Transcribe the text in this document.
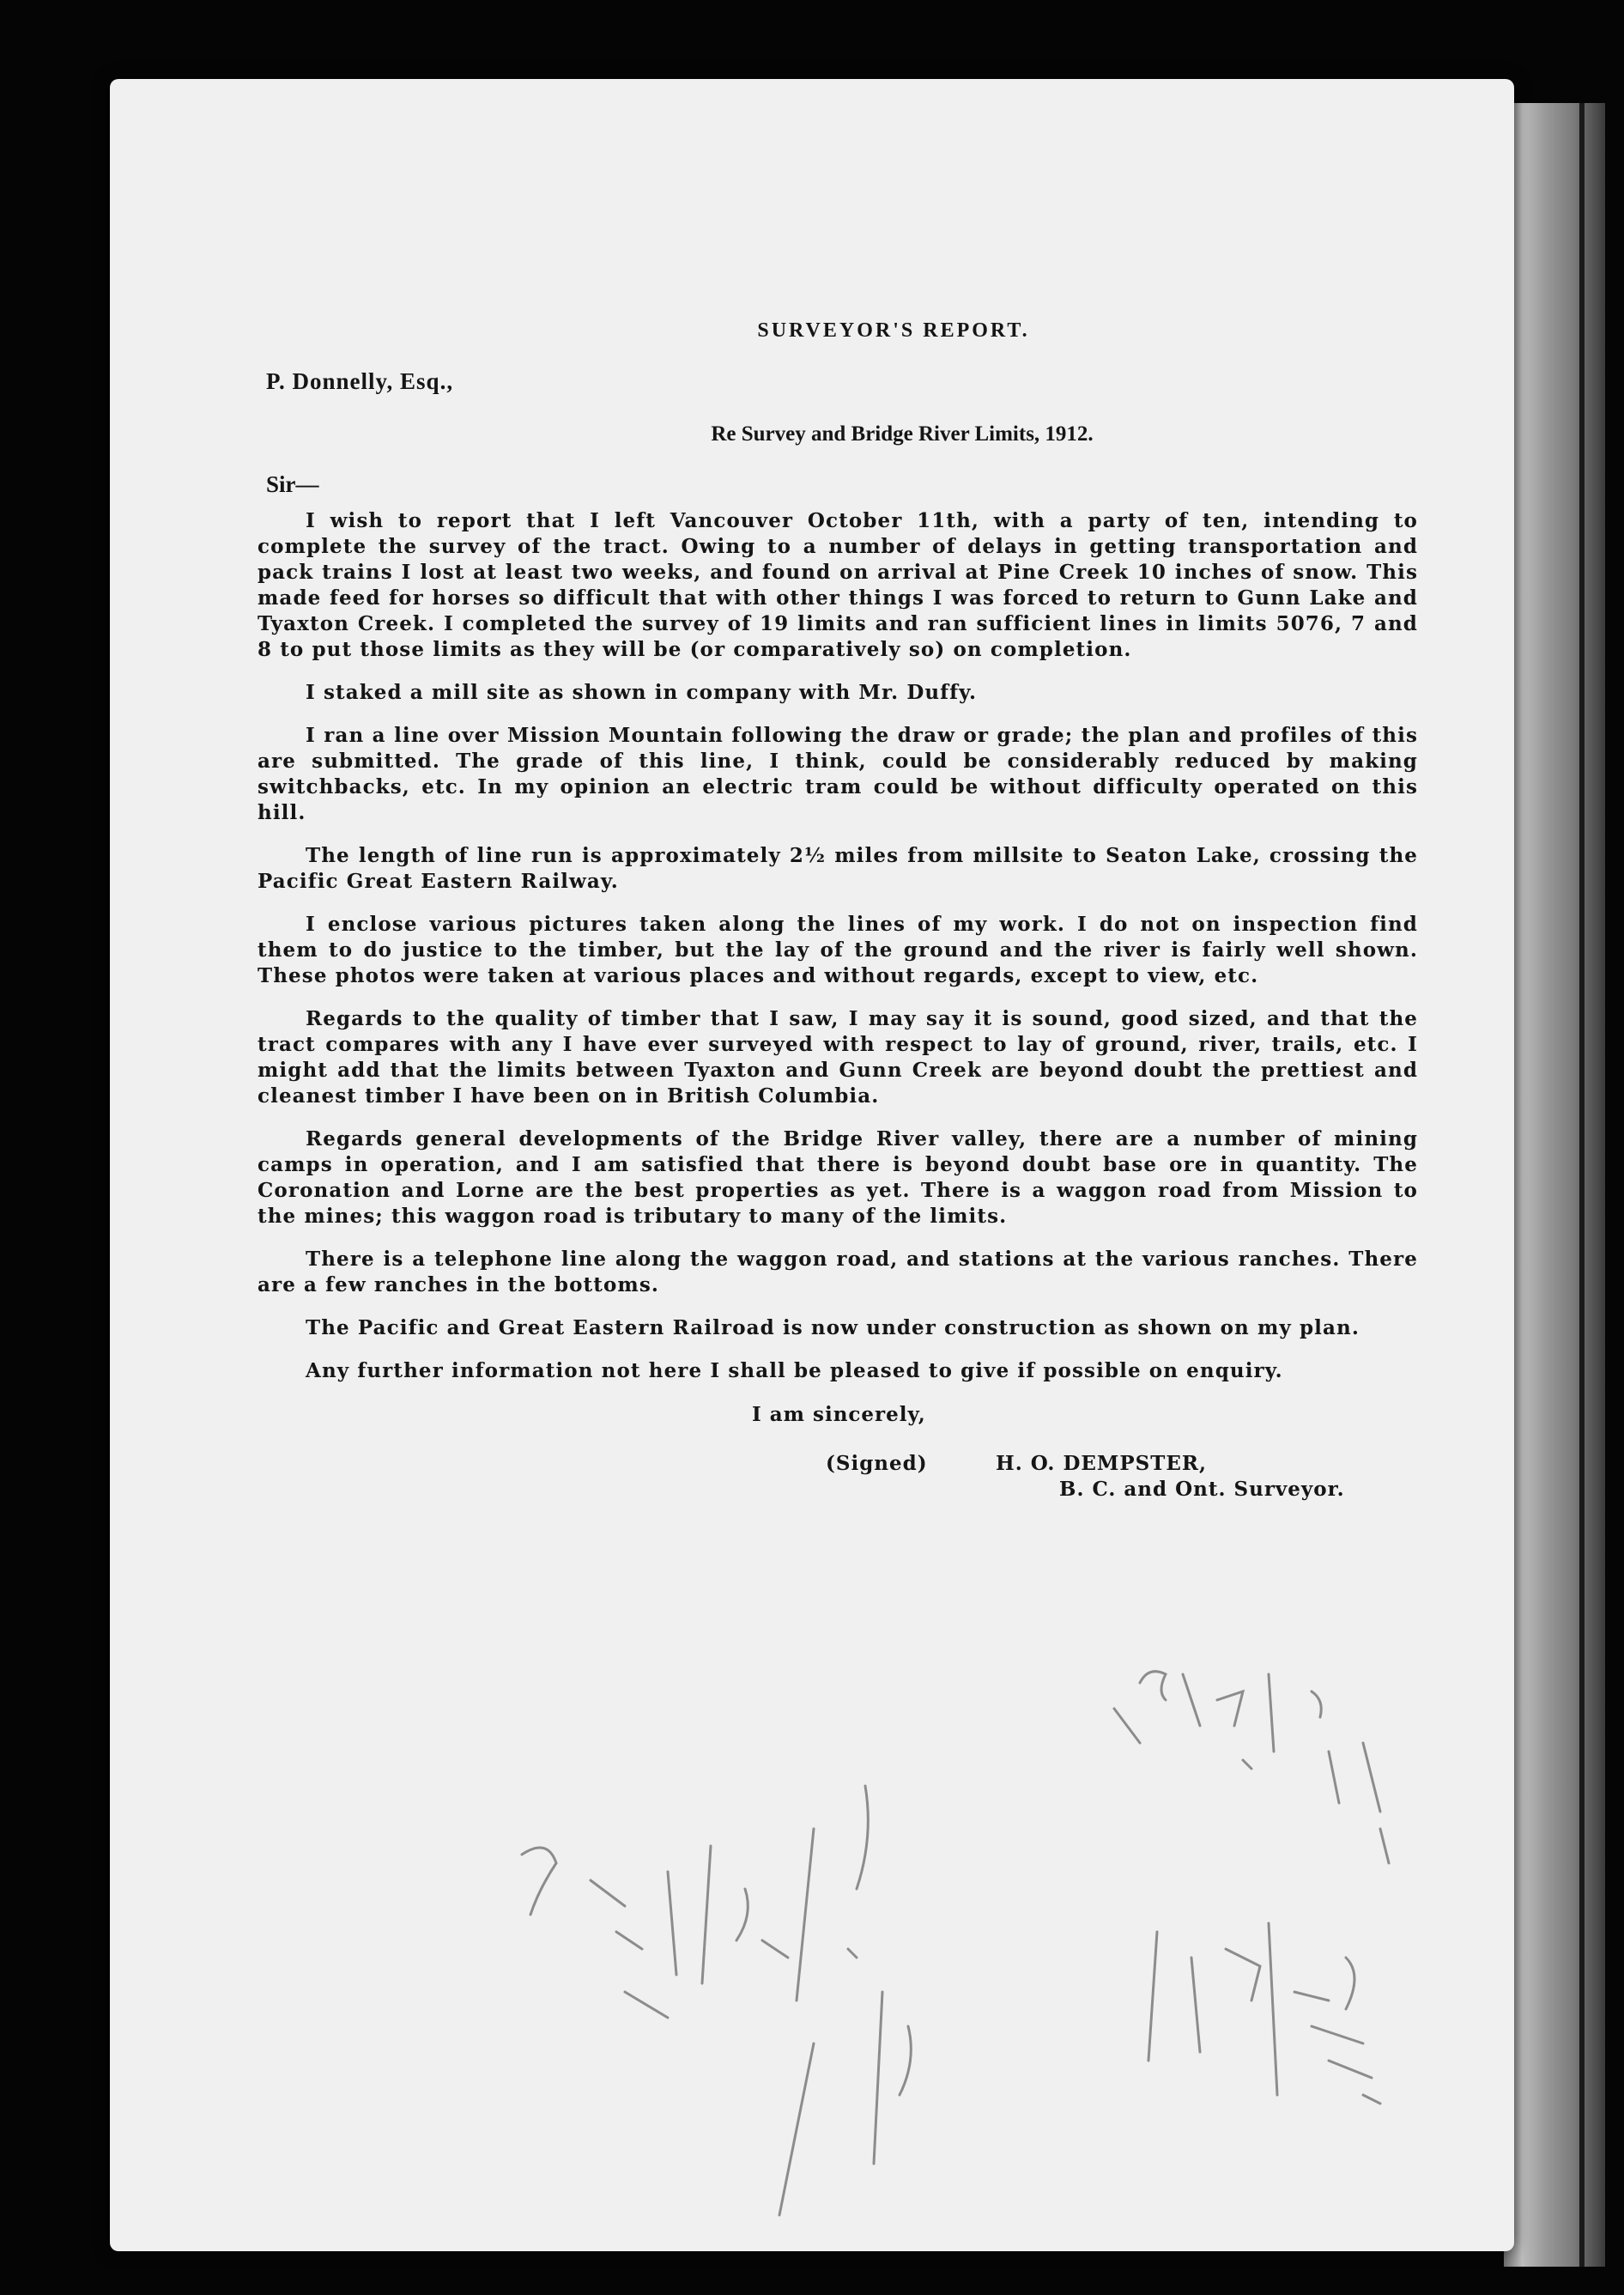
SURVEYOR'S REPORT.
P. Donnelly, Esq.,
Re Survey and Bridge River Limits, 1912.
Sir—

I wish to report that I left Vancouver October 11th, with a party of ten, intending to complete the survey of the tract. Owing to a number of delays in getting transportation and pack trains I lost at least two weeks, and found on arrival at Pine Creek 10 inches of snow. This made feed for horses so difficult that with other things I was forced to return to Gunn Lake and Tyaxton Creek. I completed the survey of 19 limits and ran sufficient lines in limits 5076, 7 and 8 to put those limits as they will be (or comparatively so) on completion.

I staked a mill site as shown in company with Mr. Duffy.

I ran a line over Mission Mountain following the draw or grade; the plan and profiles of this are submitted. The grade of this line, I think, could be considerably reduced by making switchbacks, etc. In my opinion an electric tram could be without difficulty operated on this hill.

The length of line run is approximately 2½ miles from millsite to Seaton Lake, crossing the Pacific Great Eastern Railway.

I enclose various pictures taken along the lines of my work. I do not on inspection find them to do justice to the timber, but the lay of the ground and the river is fairly well shown. These photos were taken at various places and without regards, except to view, etc.

Regards to the quality of timber that I saw, I may say it is sound, good sized, and that the tract compares with any I have ever surveyed with respect to lay of ground, river, trails, etc. I might add that the limits between Tyaxton and Gunn Creek are beyond doubt the prettiest and cleanest timber I have been on in British Columbia.

Regards general developments of the Bridge River valley, there are a number of mining camps in operation, and I am satisfied that there is beyond doubt base ore in quantity. The Coronation and Lorne are the best properties as yet. There is a waggon road from Mission to the mines; this waggon road is tributary to many of the limits.

There is a telephone line along the waggon road, and stations at the various ranches. There are a few ranches in the bottoms.

The Pacific and Great Eastern Railroad is now under construction as shown on my plan.

Any further information not here I shall be pleased to give if possible on enquiry.

I am sincerely,
(Signed)	H. O. DEMPSTER,
B. C. and Ont. Surveyor.
